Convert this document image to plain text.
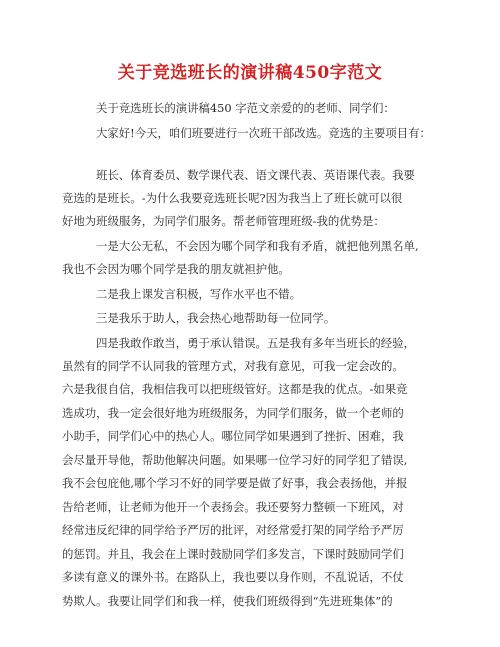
关于竞选班长的演讲稿450字范文
关于竞选班长的演讲稿450 字范文亲爱的的老师、同学们：
大家好!今天，咱们班要进行一次班干部改选。竞选的主要项目有：
班长、体育委员、数学课代表、语文课代表、英语课代表。我要
竞选的是班长。-为什么我要竞选班长呢?因为我当上了班长就可以很
好地为班级服务，为同学们服务。帮老师管理班级-我的优势是：
一是大公无私，不会因为哪个同学和我有矛盾，就把他列黑名单,
我也不会因为哪个同学是我的朋友就袒护他。
二是我上课发言积极，写作水平也不错。
三是我乐于助人，我会热心地帮助每一位同学。
四是我敢作敢当，勇于承认错误。五是我有多年当班长的经验，
虽然有的同学不认同我的管理方式，对我有意见，可我一定会改的。
六是我很自信，我相信我可以把班级管好。这都是我的优点。-如果竞
选成功，我一定会很好地为班级服务，为同学们服务，做一个老师的
小助手，同学们心中的热心人。哪位同学如果遇到了挫折、困难，我
会尽量开导他，帮助他解决问题。如果哪一位学习好的同学犯了错误,
我不会包庇他,哪个学习不好的同学要是做了好事，我会表扬他，并报
告给老师，让老师为他开一个表扬会。我还要努力整顿一下班风，对
经常违反纪律的同学给予严厉的批评，对经常爱打架的同学给予严厉
的惩罚。并且，我会在上课时鼓励同学们多发言，下课时鼓励同学们
多读有意义的课外书。在路队上，我也要以身作则，不乱说话，不仗
势欺人。我要让同学们和我一样，使我们班级得到“先进班集体”的
